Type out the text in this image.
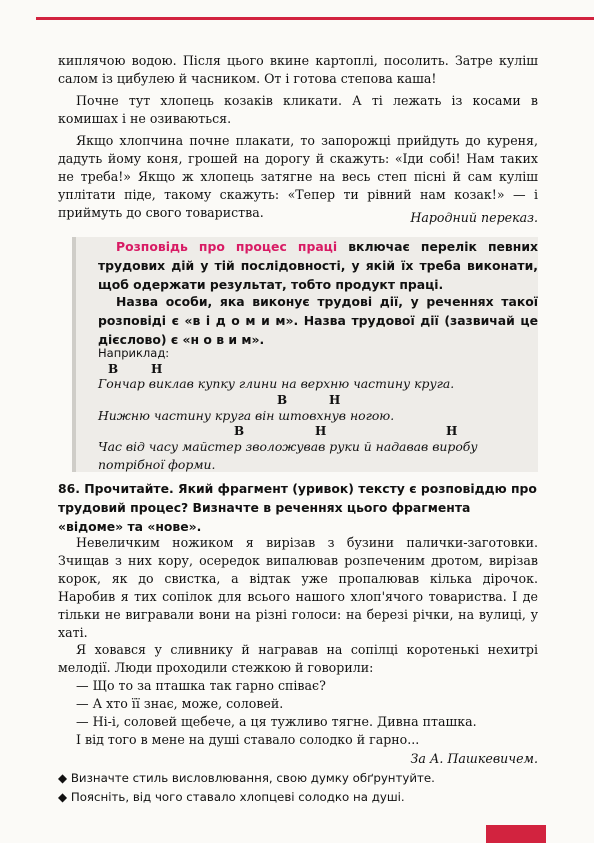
киплячою водою. Після цього вкине картоплі, посолить. Затре куліш салом із цибулею й часником. От і готова степова каша!
Почне тут хлопець козаків кликати. А ті лежать із косами в комишах і не озиваються.
Якщо хлопчина почне плакати, то запорожці прийдуть до куреня, дадуть йому коня, грошей на дорогу й скажуть: «Іди собі! Нам таких не треба!» Якщо ж хлопець затягне на весь степ пісні й сам куліш уплітати піде, такому скажуть: «Тепер ти рівний нам козак!» — і приймуть до свого товариства.	Народний переказ.
Розповідь про процес праці включає перелік певних трудових дій у тій послідовності, у якій їх треба виконати, щоб одержати результат, тобто продукт праці.
Назва особи, яка виконує трудові дії, у реченнях такої розповіді є «в і д о м и м». Назва трудової дії (зазвичай це дієслово) є «н о в и м».
Наприклад:
В	Н
Гончар виклав купку глини на верхню частину круга.
В	Н
Нижню частину круга він штовхнув ногою.
В	Н	Н
Час від часу майстер зволожував руки й надавав виробу потрібної форми.
86. Прочитайте. Який фрагмент (уривок) тексту є розповіддю про трудовий процес? Визначте в реченнях цього фрагмента «відоме» та «нове».
Невеличким ножиком я вирізав з бузини палички-заготовки. Зчищав з них кору, осередок випалював розпеченим дротом, вирізав корок, як до свистка, а відтак уже пропалював кілька дірочок. Наробив я тих сопілок для всього нашого хлоп'ячого товариства. І де тільки не вигравали вони на різні голоси: на березі річки, на вулиці, у хаті.
Я ховався у сливнику й награвав на сопілці коротенькі нехитрі мелодії. Люди проходили стежкою й говорили:
— Що то за пташка так гарно співає?
— А хто її знає, може, соловей.
— Ні-і, соловей щебече, а ця тужливо тягне. Дивна пташка.
І від того в мене на душі ставало солодко й гарно...
За А. Пашкевичем.
◆ Визначте стиль висловлювання, свою думку обґрунтуйте.
◆ Поясніть, від чого ставало хлопцеві солодко на душі.
